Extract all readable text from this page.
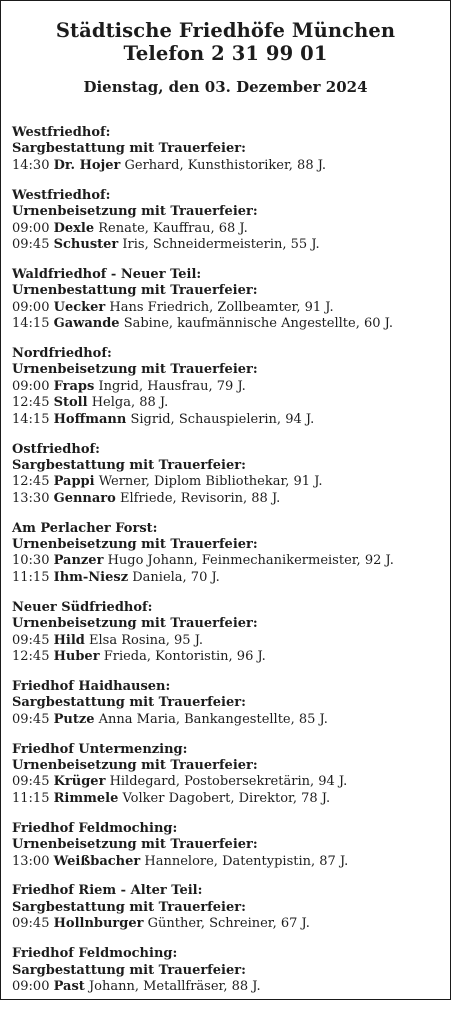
Städtische Friedhöfe München
Telefon 2 31 99 01
Dienstag, den 03. Dezember 2024
Westfriedhof:
Sargbestattung mit Trauerfeier:
14:30 Dr. Hojer Gerhard, Kunsthistoriker, 88 J.
Westfriedhof:
Urnenbeisetzung mit Trauerfeier:
09:00 Dexle Renate, Kauffrau, 68 J.
09:45 Schuster Iris, Schneidermeisterin, 55 J.
Waldfriedhof - Neuer Teil:
Urnenbestattung mit Trauerfeier:
09:00 Uecker Hans Friedrich, Zollbeamter, 91 J.
14:15 Gawande Sabine, kaufmännische Angestellte, 60 J.
Nordfriedhof:
Urnenbeisetzung mit Trauerfeier:
09:00 Fraps Ingrid, Hausfrau, 79 J.
12:45 Stoll Helga, 88 J.
14:15 Hoffmann Sigrid, Schauspielerin, 94 J.
Ostfriedhof:
Sargbestattung mit Trauerfeier:
12:45 Pappi Werner, Diplom Bibliothekar, 91 J.
13:30 Gennaro Elfriede, Revisorin, 88 J.
Am Perlacher Forst:
Urnenbeisetzung mit Trauerfeier:
10:30 Panzer Hugo Johann, Feinmechanikermeister, 92 J.
11:15 Ihm-Niesz Daniela, 70 J.
Neuer Südfriedhof:
Urnenbeisetzung mit Trauerfeier:
09:45 Hild Elsa Rosina, 95 J.
12:45 Huber Frieda, Kontoristin, 96 J.
Friedhof Haidhausen:
Sargbestattung mit Trauerfeier:
09:45 Putze Anna Maria, Bankangestellte, 85 J.
Friedhof Untermenzing:
Urnenbeisetzung mit Trauerfeier:
09:45 Krüger Hildegard, Postobersekretärin, 94 J.
11:15 Rimmele Volker Dagobert, Direktor, 78 J.
Friedhof Feldmoching:
Urnenbeisetzung mit Trauerfeier:
13:00 Weißbacher Hannelore, Datentypistin, 87 J.
Friedhof Riem - Alter Teil:
Sargbestattung mit Trauerfeier:
09:45 Hollnburger Günther, Schreiner, 67 J.
Friedhof Feldmoching:
Sargbestattung mit Trauerfeier:
09:00 Past Johann, Metallfräser, 88 J.
